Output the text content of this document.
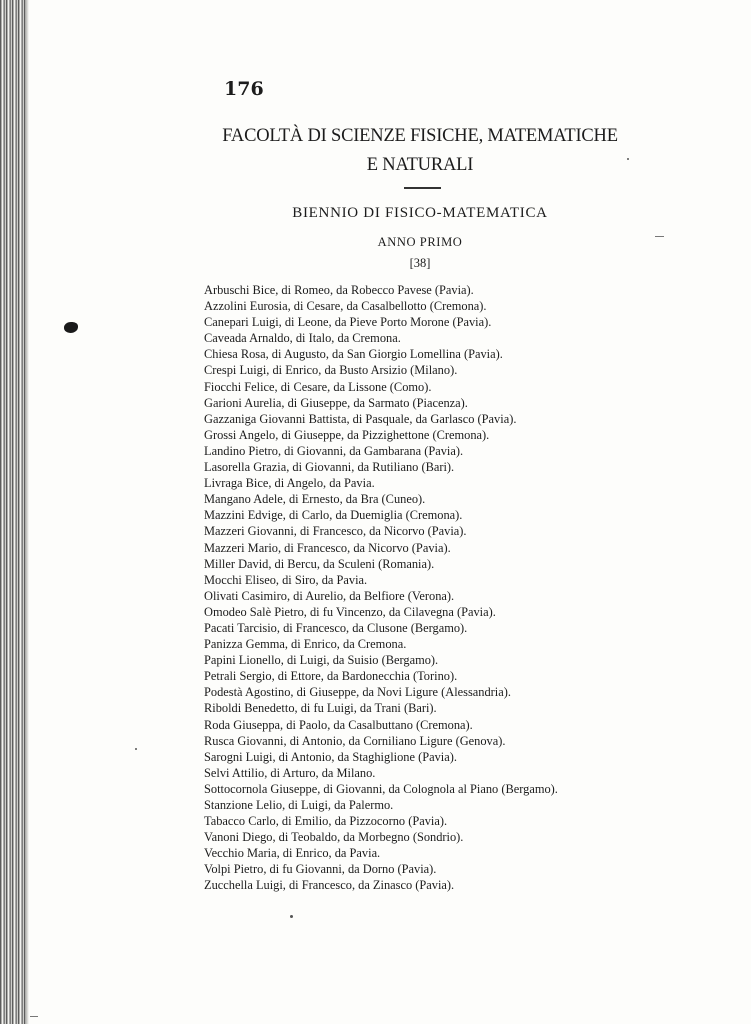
176
FACOLTÀ DI SCIENZE FISICHE, MATEMATICHE
E NATURALI
BIENNIO DI FISICO-MATEMATICA
ANNO PRIMO
[38]
Arbuschi Bice, di Romeo, da Robecco Pavese (Pavia).
Azzolini Eurosia, di Cesare, da Casalbellotto (Cremona).
Canepari Luigi, di Leone, da Pieve Porto Morone (Pavia).
Caveada Arnaldo, di Italo, da Cremona.
Chiesa Rosa, di Augusto, da San Giorgio Lomellina (Pavia).
Crespi Luigi, di Enrico, da Busto Arsizio (Milano).
Fiocchi Felice, di Cesare, da Lissone (Como).
Garioni Aurelia, di Giuseppe, da Sarmato (Piacenza).
Gazzaniga Giovanni Battista, di Pasquale, da Garlasco (Pavia).
Grossi Angelo, di Giuseppe, da Pizzighettone (Cremona).
Landino Pietro, di Giovanni, da Gambarana (Pavia).
Lasorella Grazia, di Giovanni, da Rutiliano (Bari).
Livraga Bice, di Angelo, da Pavia.
Mangano Adele, di Ernesto, da Bra (Cuneo).
Mazzini Edvige, di Carlo, da Duemiglia (Cremona).
Mazzeri Giovanni, di Francesco, da Nicorvo (Pavia).
Mazzeri Mario, di Francesco, da Nicorvo (Pavia).
Miller David, di Bercu, da Sculeni (Romania).
Mocchi Eliseo, di Siro, da Pavia.
Olivati Casimiro, di Aurelio, da Belfiore (Verona).
Omodeo Salè Pietro, di fu Vincenzo, da Cilavegna (Pavia).
Pacati Tarcisio, di Francesco, da Clusone (Bergamo).
Panizza Gemma, di Enrico, da Cremona.
Papini Lionello, di Luigi, da Suisio (Bergamo).
Petrali Sergio, di Ettore, da Bardonecchia (Torino).
Podestà Agostino, di Giuseppe, da Novi Ligure (Alessandria).
Riboldi Benedetto, di fu Luigi, da Trani (Bari).
Roda Giuseppa, di Paolo, da Casalbuttano (Cremona).
Rusca Giovanni, di Antonio, da Corniliano Ligure (Genova).
Sarogni Luigi, di Antonio, da Staghiglione (Pavia).
Selvi Attilio, di Arturo, da Milano.
Sottocornola Giuseppe, di Giovanni, da Colognola al Piano (Bergamo).
Stanzione Lelio, di Luigi, da Palermo.
Tabacco Carlo, di Emilio, da Pizzocorno (Pavia).
Vanoni Diego, di Teobaldo, da Morbegno (Sondrio).
Vecchio Maria, di Enrico, da Pavia.
Volpi Pietro, di fu Giovanni, da Dorno (Pavia).
Zucchella Luigi, di Francesco, da Zinasco (Pavia).
